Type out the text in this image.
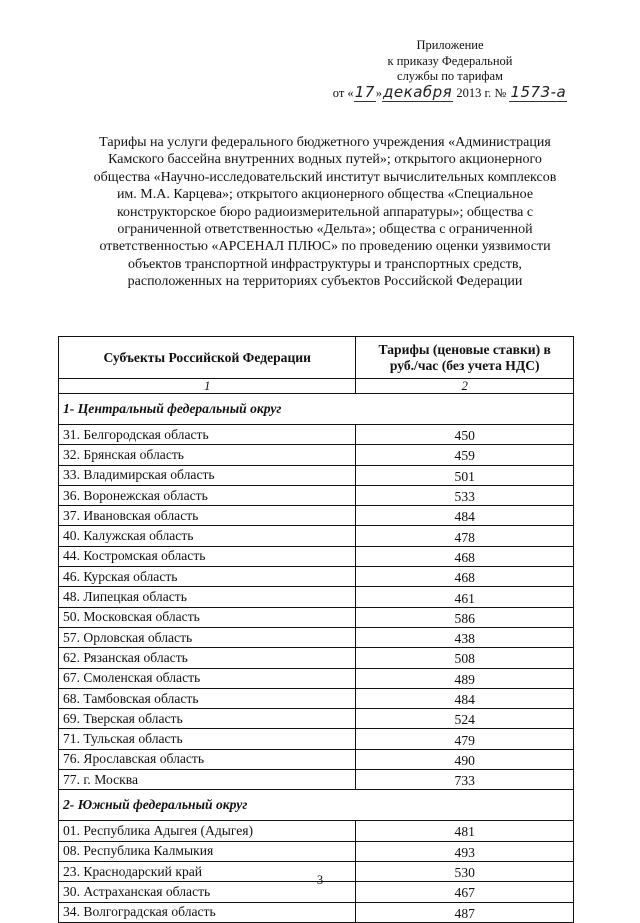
Приложение
к приказу Федеральной
службы по тарифам
от «17»декабря 2013 г. № 1573-а
Тарифы на услуги федерального бюджетного учреждения «Администрация
Камского бассейна внутренних водных путей»; открытого акционерного
общества «Научно-исследовательский институт вычислительных комплексов
им. М.А. Карцева»; открытого акционерного общества «Специальное
конструкторское бюро радиоизмерительной аппаратуры»; общества с
ограниченной ответственностью «Дельта»; общества с ограниченной
ответственностью «АРСЕНАЛ ПЛЮС» по проведению оценки уязвимости
объектов транспортной инфраструктуры и транспортных средств,
расположенных на территориях субъектов Российской Федерации
Субъекты Российской Федерации	Тарифы (ценовые ставки) в
руб./час (без учета НДС)

1	2
1- Центральный федеральный округ	
31. Белгородская область	450
32. Брянская область	459
33. Владимирская область	501
36. Воронежская область	533
37. Ивановская область	484
40. Калужская область	478
44. Костромская область	468
46. Курская область	468
48. Липецкая область	461
50. Московская область	586
57. Орловская область	438
62. Рязанская область	508
67. Смоленская область	489
68. Тамбовская область	484
69. Тверская область	524
71. Тульская область	479
76. Ярославская область	490
77. г. Москва	733
2- Южный федеральный округ	
01. Республика Адыгея (Адыгея)	481
08. Республика Калмыкия	493
23. Краснодарский край	530
30. Астраханская область	467
34. Волгоградская область	487
3
